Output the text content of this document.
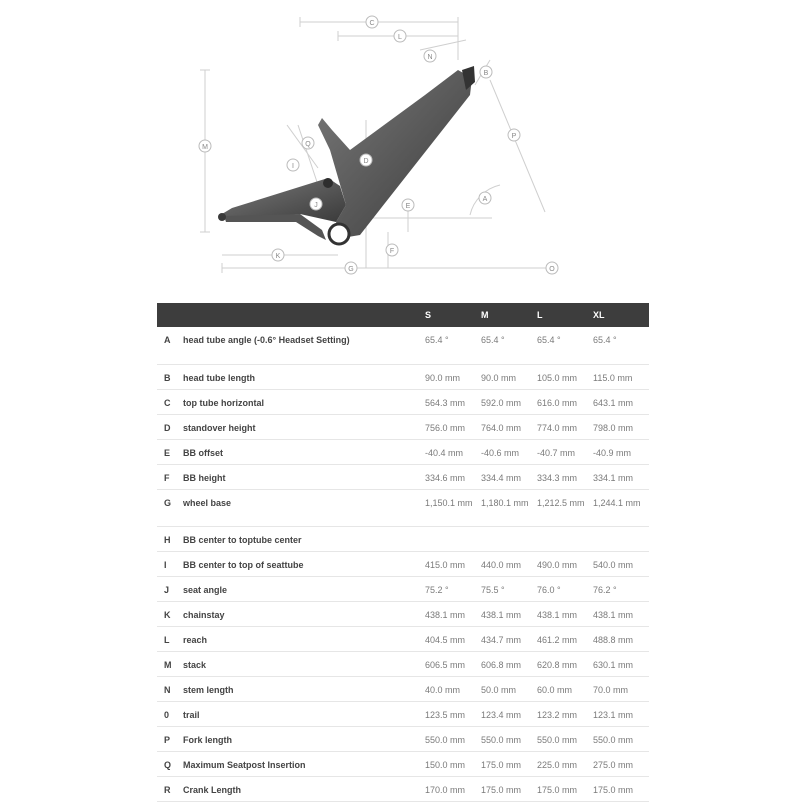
C
L
N
B
P
M	Q
I
D
A
E
J
K
F
G	O
		S	M	L	XL

A	head tube angle (-0.6° Headset Setting)	65.4 °	65.4 °	65.4 °	65.4 °

B	head tube length	90.0 mm	90.0 mm	105.0 mm	115.0 mm

C	top tube horizontal	564.3 mm	592.0 mm	616.0 mm	643.1 mm

D	standover height	756.0 mm	764.0 mm	774.0 mm	798.0 mm

E	BB offset	-40.4 mm	-40.6 mm	-40.7 mm	-40.9 mm

F	BB height	334.6 mm	334.4 mm	334.3 mm	334.1 mm

G	wheel base	1,150.1 mm	1,180.1 mm	1,212.5 mm	1,244.1 mm

H	BB center to toptube center				

I	BB center to top of seattube	415.0 mm	440.0 mm	490.0 mm	540.0 mm

J	seat angle	75.2 °	75.5 °	76.0 °	76.2 °

K	chainstay	438.1 mm	438.1 mm	438.1 mm	438.1 mm

L	reach	404.5 mm	434.7 mm	461.2 mm	488.8 mm

M	stack	606.5 mm	606.8 mm	620.8 mm	630.1 mm

N	stem length	40.0 mm	50.0 mm	60.0 mm	70.0 mm

0	trail	123.5 mm	123.4 mm	123.2 mm	123.1 mm

P	Fork length	550.0 mm	550.0 mm	550.0 mm	550.0 mm

Q	Maximum Seatpost Insertion	150.0 mm	175.0 mm	225.0 mm	275.0 mm

R	Crank Length	170.0 mm	175.0 mm	175.0 mm	175.0 mm
